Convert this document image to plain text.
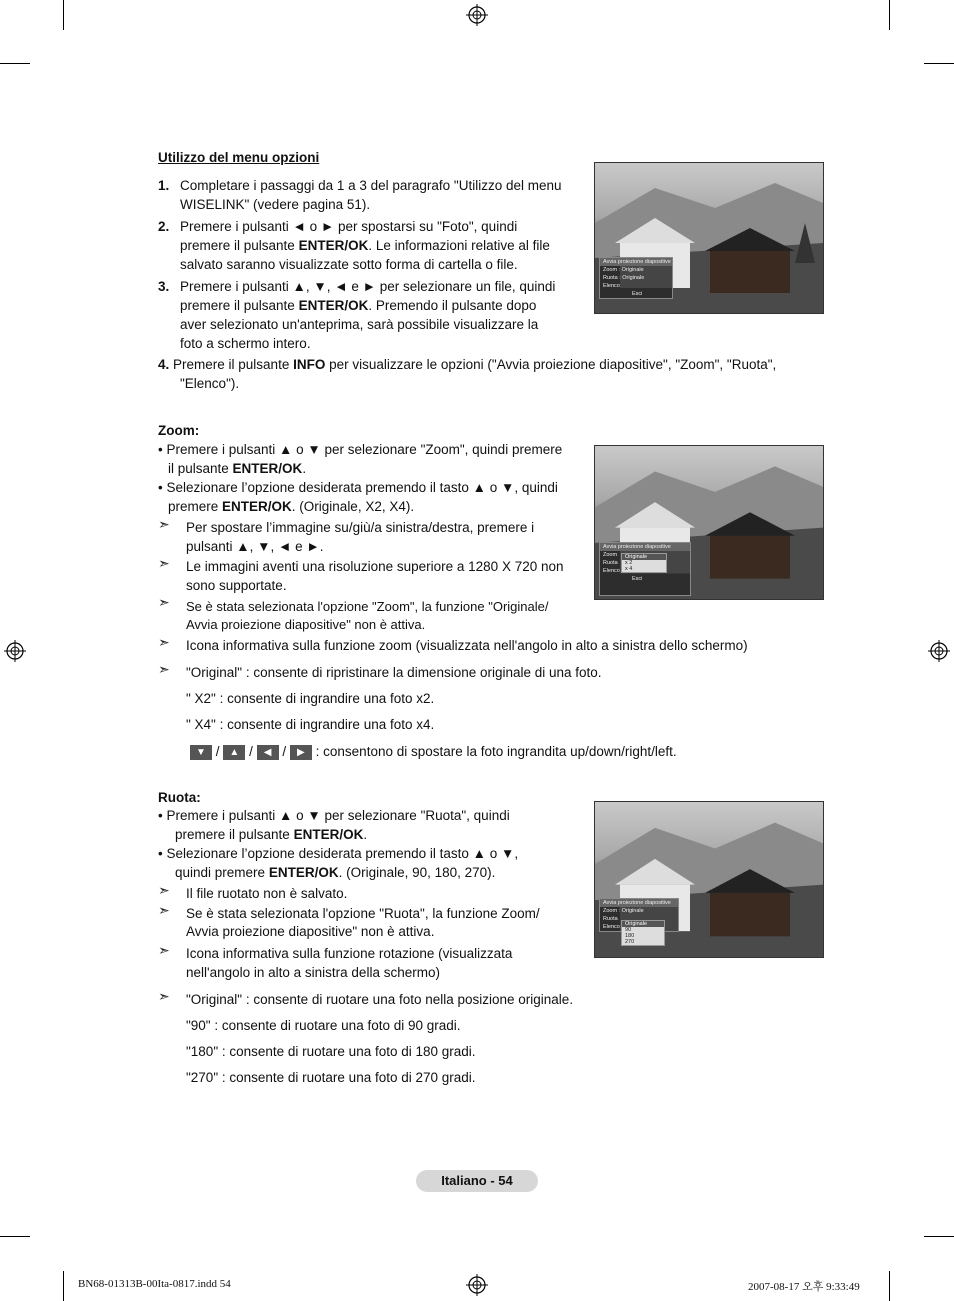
Utilizzo del menu opzioni
1. Completare i passaggi da 1 a 3 del paragrafo "Utilizzo del menu
WISELINK" (vedere pagina 51).
2. Premere i pulsanti ◄ o ► per spostarsi su "Foto", quindi
premere il pulsante ENTER/OK. Le informazioni relative al file
salvato saranno visualizzate sotto forma di cartella o file.
3. Premere i pulsanti ▲, ▼, ◄ e ► per selezionare un file, quindi
premere il pulsante ENTER/OK. Premendo il pulsante dopo
aver selezionato un'anteprima, sarà possibile visualizzare la
foto a schermo intero.
4. Premere il pulsante INFO per visualizzare le opzioni ("Avvia proiezione diapositive", "Zoom", "Ruota",
"Elenco").
Avvia proiezione diapositive
Zoom : Originale
Ruota : Originale
Elenco
Esci
Zoom:
• Premere i pulsanti ▲ o ▼ per selezionare "Zoom", quindi premere
il pulsante ENTER/OK.
• Selezionare l’opzione desiderata premendo il tasto ▲ o ▼, quindi
premere ENTER/OK. (Originale, X2, X4).
➣ Per spostare l’immagine su/giù/a sinistra/destra, premere i
pulsanti ▲, ▼, ◄ e ►.
➣ Le immagini aventi una risoluzione superiore a 1280 X 720 non
sono supportate.
➣ Se è stata selezionata l'opzione "Zoom", la funzione "Originale/
Avvia proiezione diapositive" non è attiva.
➣ Icona informativa sulla funzione zoom (visualizzata nell'angolo in alto a sinistra dello schermo)
➣ "Original" : consente di ripristinare la dimensione originale di una foto.
" X2" : consente di ingrandire una foto x2.
" X4" : consente di ingrandire una foto x4.
▼ / ▲ / ◀ / ▶ : consentono di spostare la foto ingrandita up/down/right/left.
Avvia proiezione diapositive
Zoom
Ruota
Elenco
Esci
Originale
x 2
x 4
Ruota:
• Premere i pulsanti ▲ o ▼ per selezionare "Ruota", quindi
premere il pulsante ENTER/OK.
• Selezionare l’opzione desiderata premendo il tasto ▲ o ▼,
quindi premere ENTER/OK. (Originale, 90, 180, 270).
➣ Il file ruotato non è salvato.
➣ Se è stata selezionata l'opzione "Ruota", la funzione Zoom/
Avvia proiezione diapositive" non è attiva.
➣ Icona informativa sulla funzione rotazione (visualizzata
nell'angolo in alto a sinistra della schermo)
➣ "Original" : consente di ruotare una foto nella posizione originale.
"90" : consente di ruotare una foto di 90 gradi.
"180" : consente di ruotare una foto di 180 gradi.
"270" : consente di ruotare una foto di 270 gradi.
Avvia proiezione diapositive
Zoom : Originale
Ruota
Elenco Originale
90
180
270
Italiano - 54
BN68-01313B-00Ita-0817.indd 54	2007-08-17 오후 9:33:49
